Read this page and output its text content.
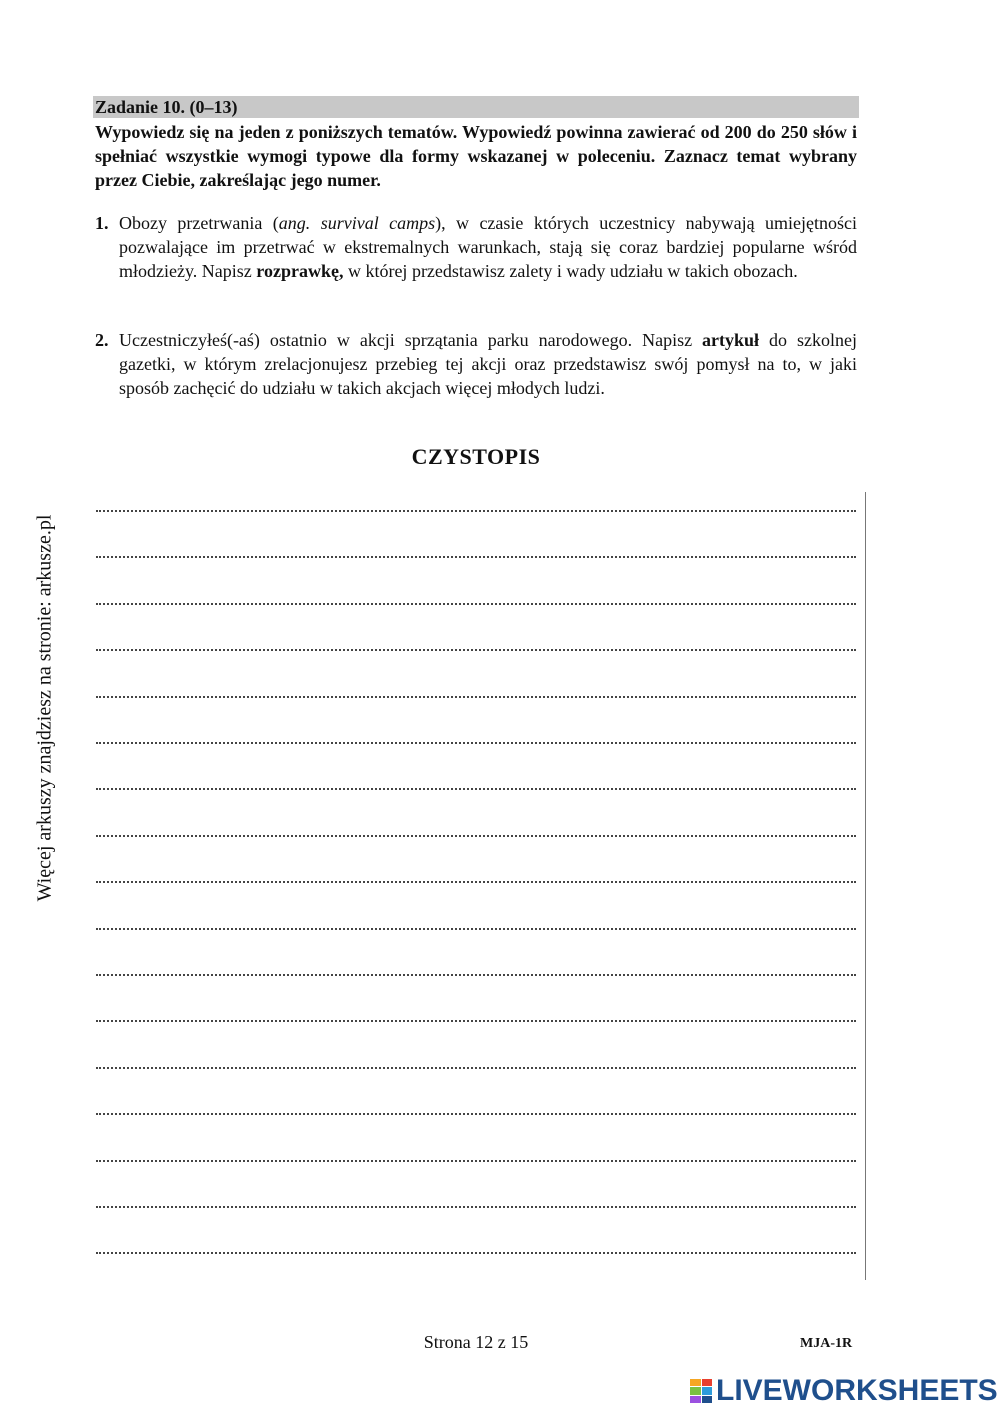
Zadanie 10. (0–13)

Wypowiedz się na jeden z poniższych tematów. Wypowiedź powinna zawierać od 200 do 250 słów i spełniać wszystkie wymogi typowe dla formy wskazanej w poleceniu. Zaznacz temat wybrany przez Ciebie, zakreślając jego numer.

1. Obozy przetrwania (ang. survival camps), w czasie których uczestnicy nabywają umiejętności pozwalające im przetrwać w ekstremalnych warunkach, stają się coraz bardziej popularne wśród młodzieży. Napisz rozprawkę, w której przedstawisz zalety i wady udziału w takich obozach.
2. Uczestniczyłeś(-aś) ostatnio w akcji sprzątania parku narodowego. Napisz artykuł do szkolnej gazetki, w którym zrelacjonujesz przebieg tej akcji oraz przedstawisz swój pomysł na to, w jaki sposób zachęcić do udziału w takich akcjach więcej młodych ludzi.
CZYSTOPIS
Więcej arkuszy znajdziesz na stronie: arkusze.pl
Strona 12 z 15	MJA-1R
LIVEWORKSHEETS
